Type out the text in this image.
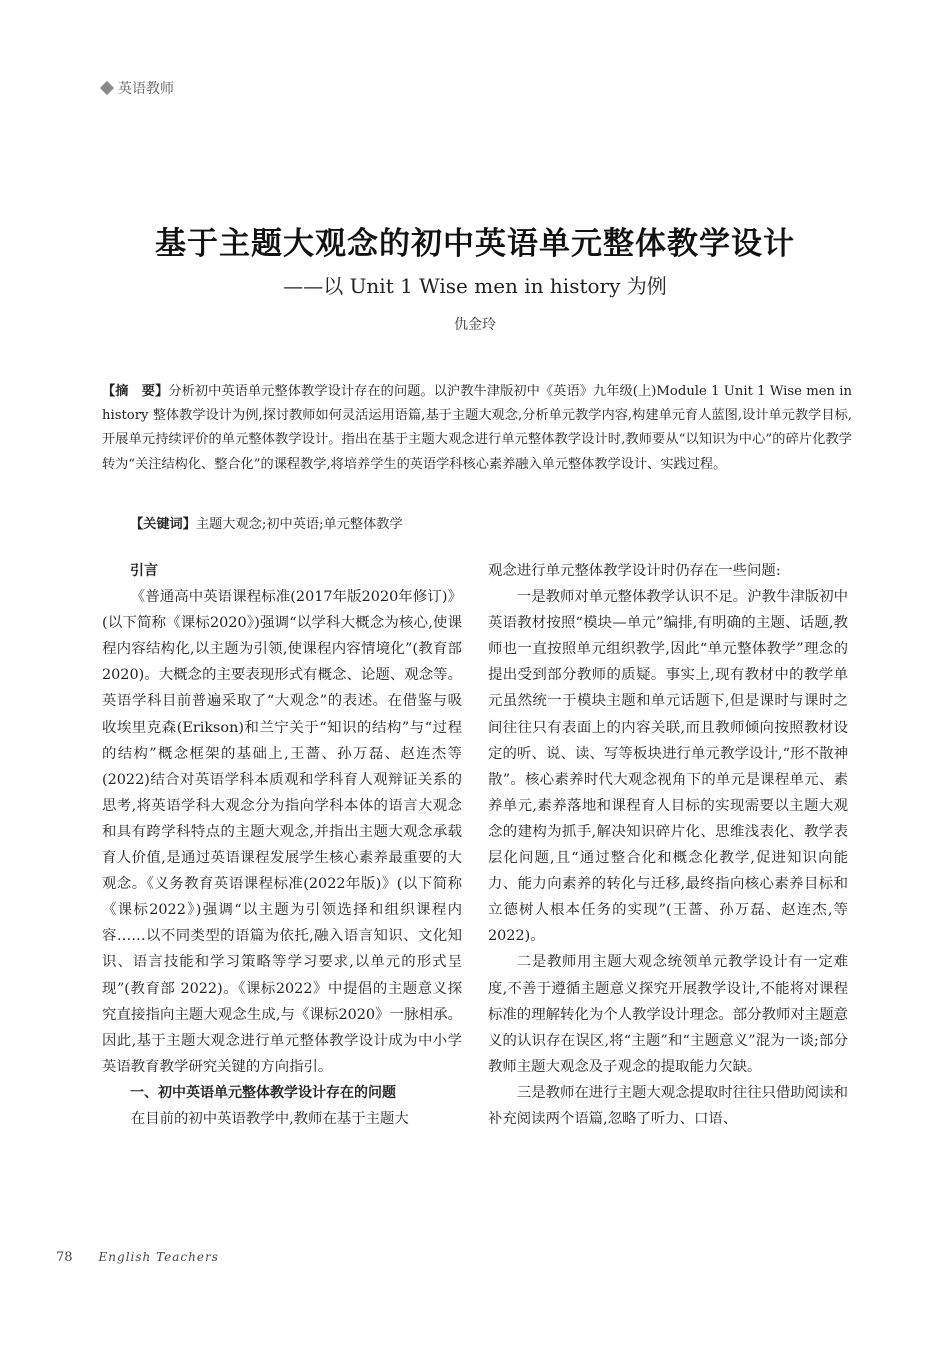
英语教师
基于主题大观念的初中英语单元整体教学设计
——以 Unit 1 Wise men in history 为例
仇金玲
【摘　要】分析初中英语单元整体教学设计存在的问题。以沪教牛津版初中《英语》九年级(上)Module 1 Unit 1 Wise men in history 整体教学设计为例,探讨教师如何灵活运用语篇,基于主题大观念,分析单元教学内容,构建单元育人蓝图,设计单元教学目标,开展单元持续评价的单元整体教学设计。指出在基于主题大观念进行单元整体教学设计时,教师要从“以知识为中心”的碎片化教学转为“关注结构化、整合化”的课程教学,将培养学生的英语学科核心素养融入单元整体教学设计、实践过程。
【关键词】主题大观念;初中英语;单元整体教学

引言

《普通高中英语课程标准(2017年版2020年修订)》(以下简称《课标2020》)强调“以学科大概念为核心,使课程内容结构化,以主题为引领,使课程内容情境化”(教育部 2020)。大概念的主要表现形式有概念、论题、观念等。英语学科目前普遍采取了“大观念”的表述。在借鉴与吸收埃里克森(Erikson)和兰宁关于“知识的结构”与“过程的结构”概念框架的基础上,王蔷、孙万磊、赵连杰等(2022)结合对英语学科本质观和学科育人观辩证关系的思考,将英语学科大观念分为指向学科本体的语言大观念和具有跨学科特点的主题大观念,并指出主题大观念承载育人价值,是通过英语课程发展学生核心素养最重要的大观念。《义务教育英语课程标准(2022年版)》(以下简称《课标2022》)强调“以主题为引领选择和组织课程内容……以不同类型的语篇为依托,融入语言知识、文化知识、语言技能和学习策略等学习要求,以单元的形式呈现”(教育部 2022)。《课标2022》中提倡的主题意义探究直接指向主题大观念生成,与《课标2020》一脉相承。因此,基于主题大观念进行单元整体教学设计成为中小学英语教育教学研究关键的方向指引。

一、初中英语单元整体教学设计存在的问题

在目前的初中英语教学中,教师在基于主题大

观念进行单元整体教学设计时仍存在一些问题:

一是教师对单元整体教学认识不足。沪教牛津版初中英语教材按照“模块—单元”编排,有明确的主题、话题,教师也一直按照单元组织教学,因此“单元整体教学”理念的提出受到部分教师的质疑。事实上,现有教材中的教学单元虽然统一于模块主题和单元话题下,但是课时与课时之间往往只有表面上的内容关联,而且教师倾向按照教材设定的听、说、读、写等板块进行单元教学设计,“形不散神散”。核心素养时代大观念视角下的单元是课程单元、素养单元,素养落地和课程育人目标的实现需要以主题大观念的建构为抓手,解决知识碎片化、思维浅表化、教学表层化问题,且“通过整合化和概念化教学,促进知识向能力、能力向素养的转化与迁移,最终指向核心素养目标和立德树人根本任务的实现”(王蔷、孙万磊、赵连杰,等 2022)。

二是教师用主题大观念统领单元教学设计有一定难度,不善于遵循主题意义探究开展教学设计,不能将对课程标准的理解转化为个人教学设计理念。部分教师对主题意义的认识存在误区,将“主题”和“主题意义”混为一谈;部分教师主题大观念及子观念的提取能力欠缺。

三是教师在进行主题大观念提取时往往只借助阅读和补充阅读两个语篇,忽略了听力、口语、

78 English Teachers
